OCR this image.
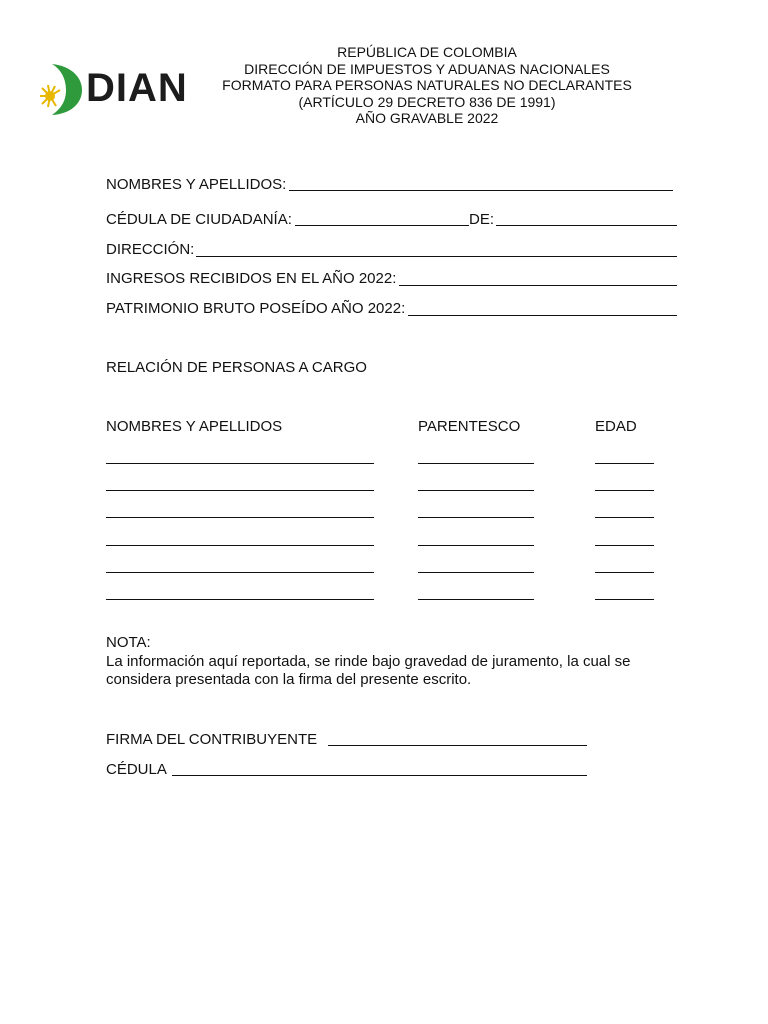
DIAN
REPÚBLICA DE COLOMBIA
DIRECCIÓN DE IMPUESTOS Y ADUANAS NACIONALES
FORMATO PARA PERSONAS NATURALES NO DECLARANTES
(ARTÍCULO 29 DECRETO 836 DE 1991)
AÑO GRAVABLE 2022
NOMBRES Y APELLIDOS:
CÉDULA DE CIUDADANÍA:	DE:
DIRECCIÓN:
INGRESOS RECIBIDOS EN EL AÑO 2022:
PATRIMONIO BRUTO POSEÍDO AÑO 2022:
RELACIÓN DE PERSONAS A CARGO
NOMBRES Y APELLIDOS	PARENTESCO	EDAD
NOTA:
La información aquí reportada, se rinde bajo gravedad de juramento, la cual se
considera presentada con la firma del presente escrito.
FIRMA DEL CONTRIBUYENTE
CÉDULA
